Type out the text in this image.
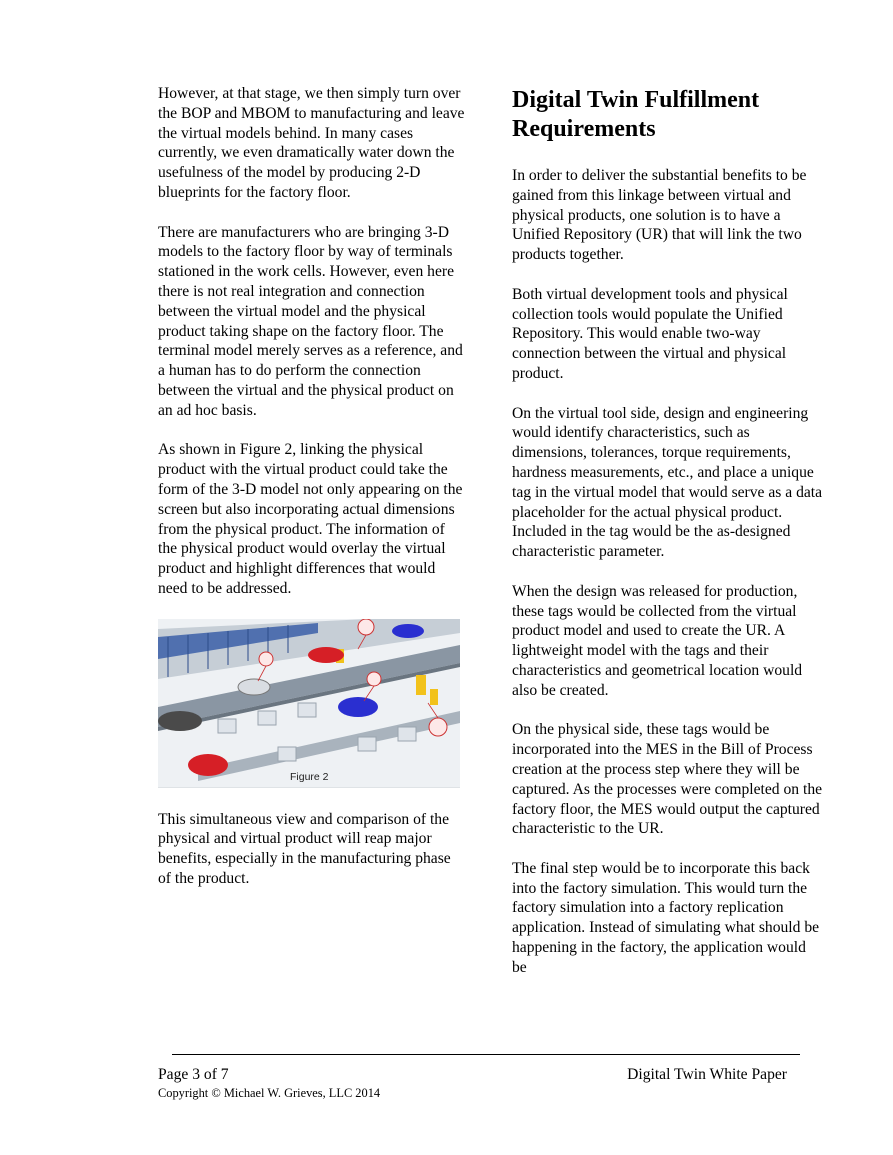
However, at that stage, we then simply turn over the BOP and MBOM to manufacturing and leave the virtual models behind. In many cases currently, we even dramatically water down the usefulness of the model by producing 2-D blueprints for the factory floor.

There are manufacturers who are bringing 3-D models to the factory floor by way of terminals stationed in the work cells. However, even here there is not real integration and connection between the virtual model and the physical product taking shape on the factory floor. The terminal model merely serves as a reference, and a human has to do perform the connection between the virtual and the physical product on an ad hoc basis.

As shown in Figure 2, linking the physical product with the virtual product could take the form of the 3-D model not only appearing on the screen but also incorporating actual dimensions from the physical product. The information of the physical product would overlay the virtual product and highlight differences that would need to be addressed.

Figure 2

This simultaneous view and comparison of the physical and virtual product will reap major benefits, especially in the manufacturing phase of the product.

Digital Twin Fulfillment Requirements

In order to deliver the substantial benefits to be gained from this linkage between virtual and physical products, one solution is to have a Unified Repository (UR) that will link the two products together.

Both virtual development tools and physical collection tools would populate the Unified Repository. This would enable two-way connection between the virtual and physical product.

On the virtual tool side, design and engineering would identify characteristics, such as dimensions, tolerances, torque requirements, hardness measurements, etc., and place a unique tag in the virtual model that would serve as a data placeholder for the actual physical product. Included in the tag would be the as-designed characteristic parameter.

When the design was released for production, these tags would be collected from the virtual product model and used to create the UR. A lightweight model with the tags and their characteristics and geometrical location would also be created.

On the physical side, these tags would be incorporated into the MES in the Bill of Process creation at the process step where they will be captured. As the processes were completed on the factory floor, the MES would output the captured characteristic to the UR.

The final step would be to incorporate this back into the factory simulation. This would turn the factory simulation into a factory replication application. Instead of simulating what should be happening in the factory, the application would be

Page 3 of 7	Digital Twin White Paper
Copyright © Michael W. Grieves, LLC 2014
